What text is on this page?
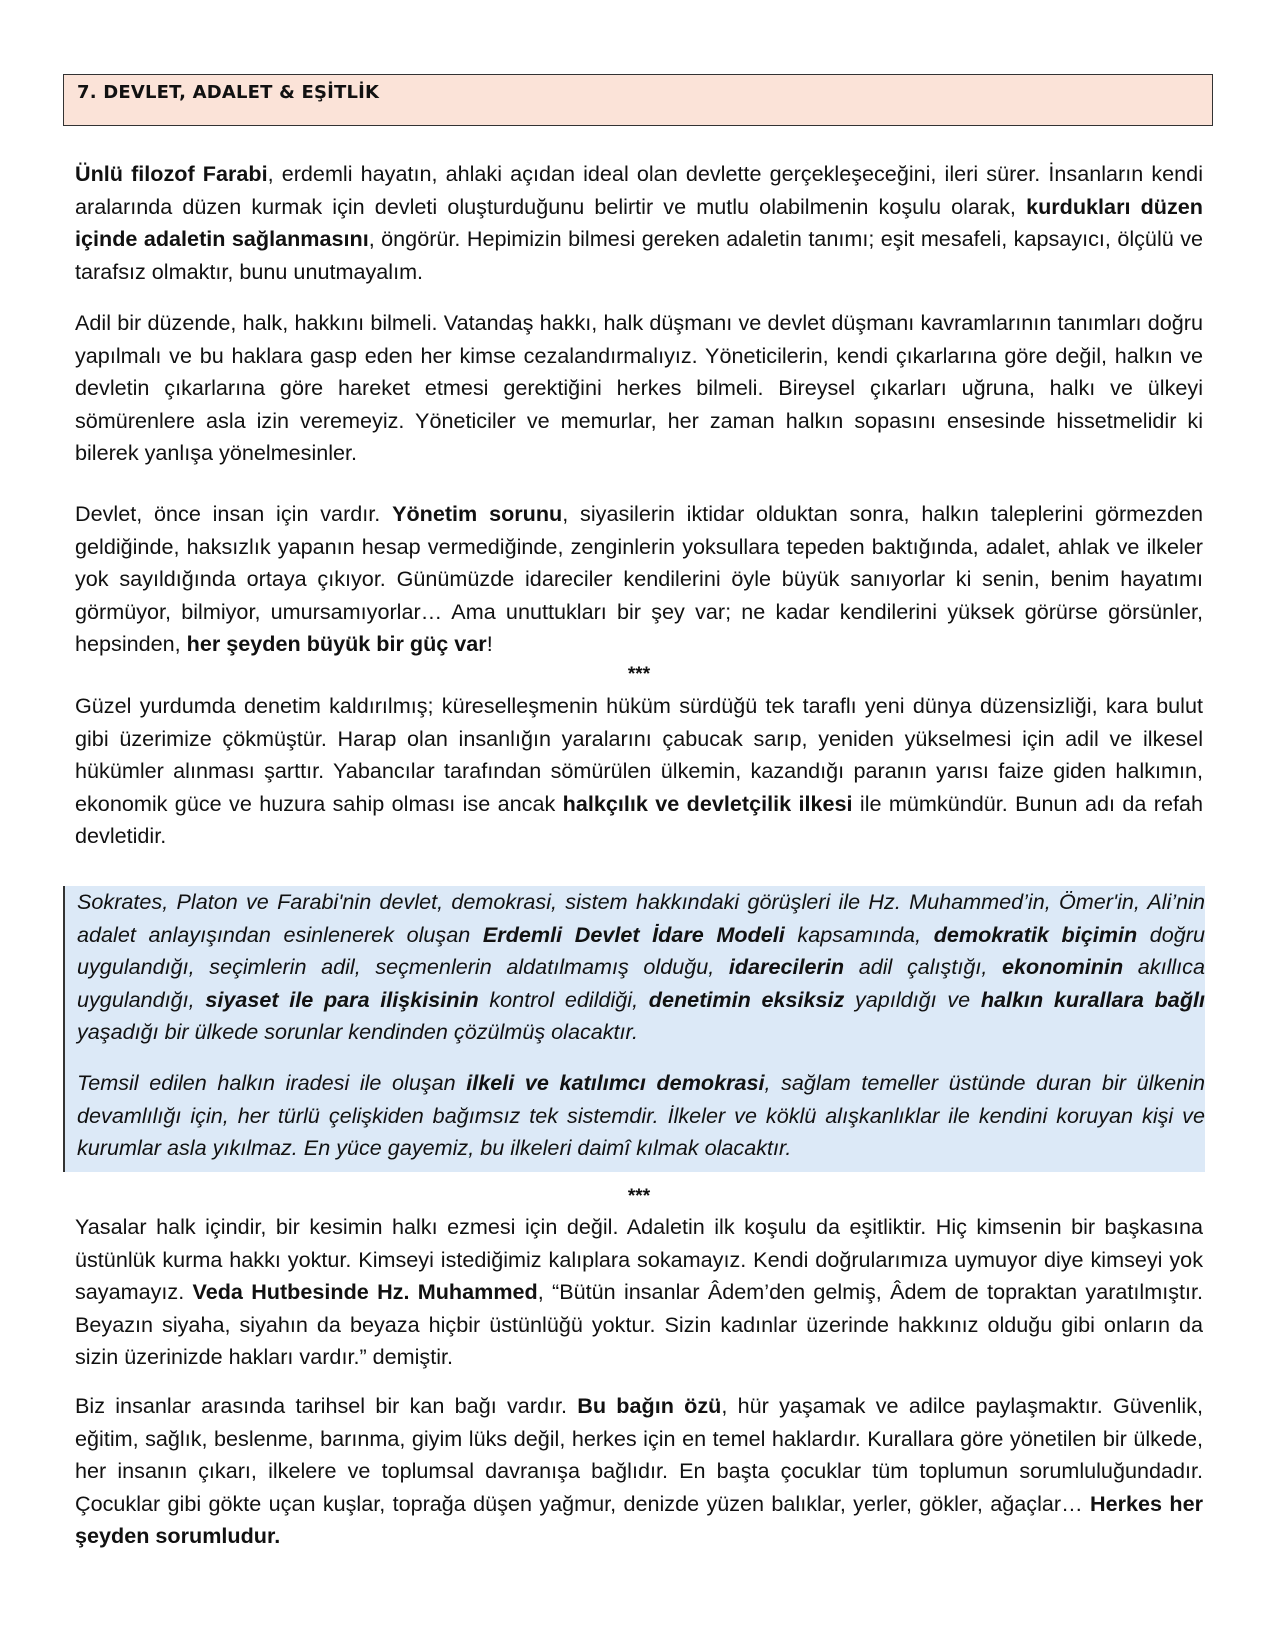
7. DEVLET, ADALET & EŞİTLİK

Ünlü filozof Farabi, erdemli hayatın, ahlaki açıdan ideal olan devlette gerçekleşeceğini, ileri sürer. İnsanların kendi aralarında düzen kurmak için devleti oluşturduğunu belirtir ve mutlu olabilmenin koşulu olarak, kurdukları düzen içinde adaletin sağlanmasını, öngörür. Hepimizin bilmesi gereken adaletin tanımı; eşit mesafeli, kapsayıcı, ölçülü ve tarafsız olmaktır, bunu unutmayalım.

Adil bir düzende, halk, hakkını bilmeli. Vatandaş hakkı, halk düşmanı ve devlet düşmanı kavramlarının tanımları doğru yapılmalı ve bu haklara gasp eden her kimse cezalandırmalıyız. Yöneticilerin, kendi çıkarlarına göre değil, halkın ve devletin çıkarlarına göre hareket etmesi gerektiğini herkes bilmeli. Bireysel çıkarları uğruna, halkı ve ülkeyi sömürenlere asla izin veremeyiz. Yöneticiler ve memurlar, her zaman halkın sopasını ensesinde hissetmelidir ki bilerek yanlışa yönelmesinler.

Devlet, önce insan için vardır. Yönetim sorunu, siyasilerin iktidar olduktan sonra, halkın taleplerini görmezden geldiğinde, haksızlık yapanın hesap vermediğinde, zenginlerin yoksullara tepeden baktığında, adalet, ahlak ve ilkeler yok sayıldığında ortaya çıkıyor. Günümüzde idareciler kendilerini öyle büyük sanıyorlar ki senin, benim hayatımı görmüyor, bilmiyor, umursamıyorlar… Ama unuttukları bir şey var; ne kadar kendilerini yüksek görürse görsünler, hepsinden, her şeyden büyük bir güç var!

***

Güzel yurdumda denetim kaldırılmış; küreselleşmenin hüküm sürdüğü tek taraflı yeni dünya düzensizliği, kara bulut gibi üzerimize çökmüştür. Harap olan insanlığın yaralarını çabucak sarıp, yeniden yükselmesi için adil ve ilkesel hükümler alınması şarttır. Yabancılar tarafından sömürülen ülkemin, kazandığı paranın yarısı faize giden halkımın, ekonomik güce ve huzura sahip olması ise ancak halkçılık ve devletçilik ilkesi ile mümkündür. Bunun adı da refah devletidir.

Sokrates, Platon ve Farabi'nin devlet, demokrasi, sistem hakkındaki görüşleri ile Hz. Muhammed’in, Ömer'in, Ali’nin adalet anlayışından esinlenerek oluşan Erdemli Devlet İdare Modeli kapsamında, demokratik biçimin doğru uygulandığı, seçimlerin adil, seçmenlerin aldatılmamış olduğu, idarecilerin adil çalıştığı, ekonominin akıllıca uygulandığı, siyaset ile para ilişkisinin kontrol edildiği, denetimin eksiksiz yapıldığı ve halkın kurallara bağlı yaşadığı bir ülkede sorunlar kendinden çözülmüş olacaktır.

Temsil edilen halkın iradesi ile oluşan ilkeli ve katılımcı demokrasi, sağlam temeller üstünde duran bir ülkenin devamlılığı için, her türlü çelişkiden bağımsız tek sistemdir. İlkeler ve köklü alışkanlıklar ile kendini koruyan kişi ve kurumlar asla yıkılmaz. En yüce gayemiz, bu ilkeleri daimî kılmak olacaktır.

***

Yasalar halk içindir, bir kesimin halkı ezmesi için değil. Adaletin ilk koşulu da eşitliktir. Hiç kimsenin bir başkasına üstünlük kurma hakkı yoktur. Kimseyi istediğimiz kalıplara sokamayız. Kendi doğrularımıza uymuyor diye kimseyi yok sayamayız. Veda Hutbesinde Hz. Muhammed, “Bütün insanlar Âdem’den gelmiş, Âdem de topraktan yaratılmıştır. Beyazın siyaha, siyahın da beyaza hiçbir üstünlüğü yoktur. Sizin kadınlar üzerinde hakkınız olduğu gibi onların da sizin üzerinizde hakları vardır.” demiştir.

Biz insanlar arasında tarihsel bir kan bağı vardır. Bu bağın özü, hür yaşamak ve adilce paylaşmaktır. Güvenlik, eğitim, sağlık, beslenme, barınma, giyim lüks değil, herkes için en temel haklardır. Kurallara göre yönetilen bir ülkede, her insanın çıkarı, ilkelere ve toplumsal davranışa bağlıdır. En başta çocuklar tüm toplumun sorumluluğundadır. Çocuklar gibi gökte uçan kuşlar, toprağa düşen yağmur, denizde yüzen balıklar, yerler, gökler, ağaçlar… Herkes her şeyden sorumludur.
